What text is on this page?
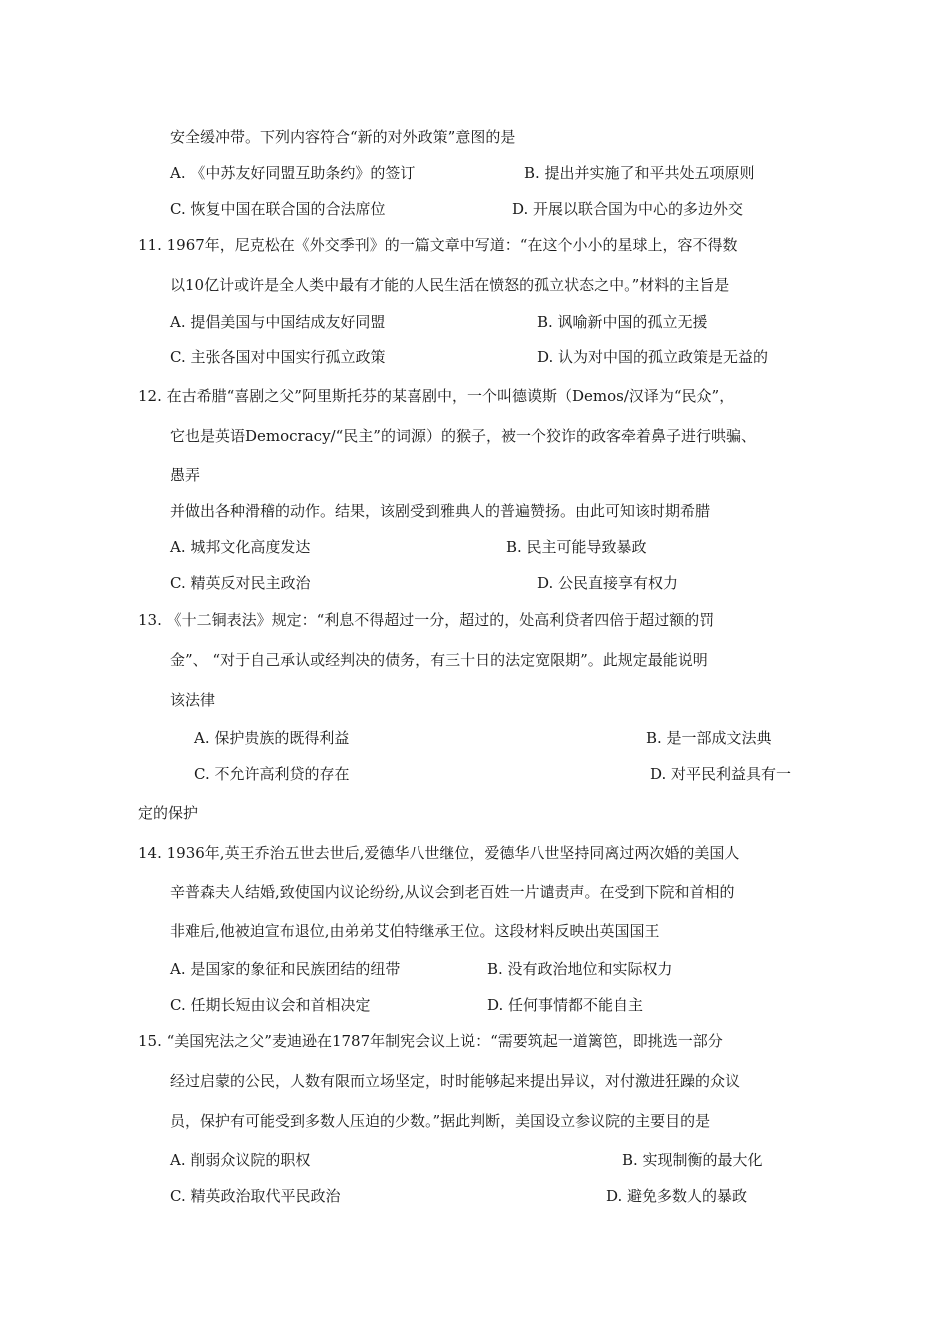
安全缓冲带。下列内容符合“新的对外政策”意图的是
A. 《中苏友好同盟互助条约》的签订	B. 提出并实施了和平共处五项原则
C. 恢复中国在联合国的合法席位	D. 开展以联合国为中心的多边外交
11. 1967年，尼克松在《外交季刊》的一篇文章中写道：“在这个小小的星球上，容不得数
以10亿计或许是全人类中最有才能的人民生活在愤怒的孤立状态之中。”材料的主旨是
A. 提倡美国与中国结成友好同盟	B. 讽喻新中国的孤立无援
C. 主张各国对中国实行孤立政策	D. 认为对中国的孤立政策是无益的
12. 在古希腊“喜剧之父”阿里斯托芬的某喜剧中，一个叫德谟斯（Demos/汉译为“民众”，
它也是英语Democracy/“民主”的词源）的猴子，被一个狡诈的政客牵着鼻子进行哄骗、
愚弄
并做出各种滑稽的动作。结果，该剧受到雅典人的普遍赞扬。由此可知该时期希腊
A. 城邦文化高度发达	B. 民主可能导致暴政
C. 精英反对民主政治	D. 公民直接享有权力
13. 《十二铜表法》规定：“利息不得超过一分，超过的，处高利贷者四倍于超过额的罚
金”、 “对于自己承认或经判决的债务，有三十日的法定宽限期”。此规定最能说明
该法律
A. 保护贵族的既得利益	B. 是一部成文法典
C. 不允许高利贷的存在	D. 对平民利益具有一
定的保护
14. 1936年,英王乔治五世去世后,爱德华八世继位，爱德华八世坚持同离过两次婚的美国人
辛普森夫人结婚,致使国内议论纷纷,从议会到老百姓一片谴责声。在受到下院和首相的
非难后,他被迫宣布退位,由弟弟艾伯特继承王位。这段材料反映出英国国王
A. 是国家的象征和民族团结的纽带	B. 没有政治地位和实际权力
C. 任期长短由议会和首相决定	D. 任何事情都不能自主
15. “美国宪法之父”麦迪逊在1787年制宪会议上说：“需要筑起一道篱笆，即挑选一部分
经过启蒙的公民，人数有限而立场坚定，时时能够起来提出异议，对付激进狂躁的众议
员，保护有可能受到多数人压迫的少数。”据此判断，美国设立参议院的主要目的是
A. 削弱众议院的职权	B. 实现制衡的最大化
C. 精英政治取代平民政治	D. 避免多数人的暴政
